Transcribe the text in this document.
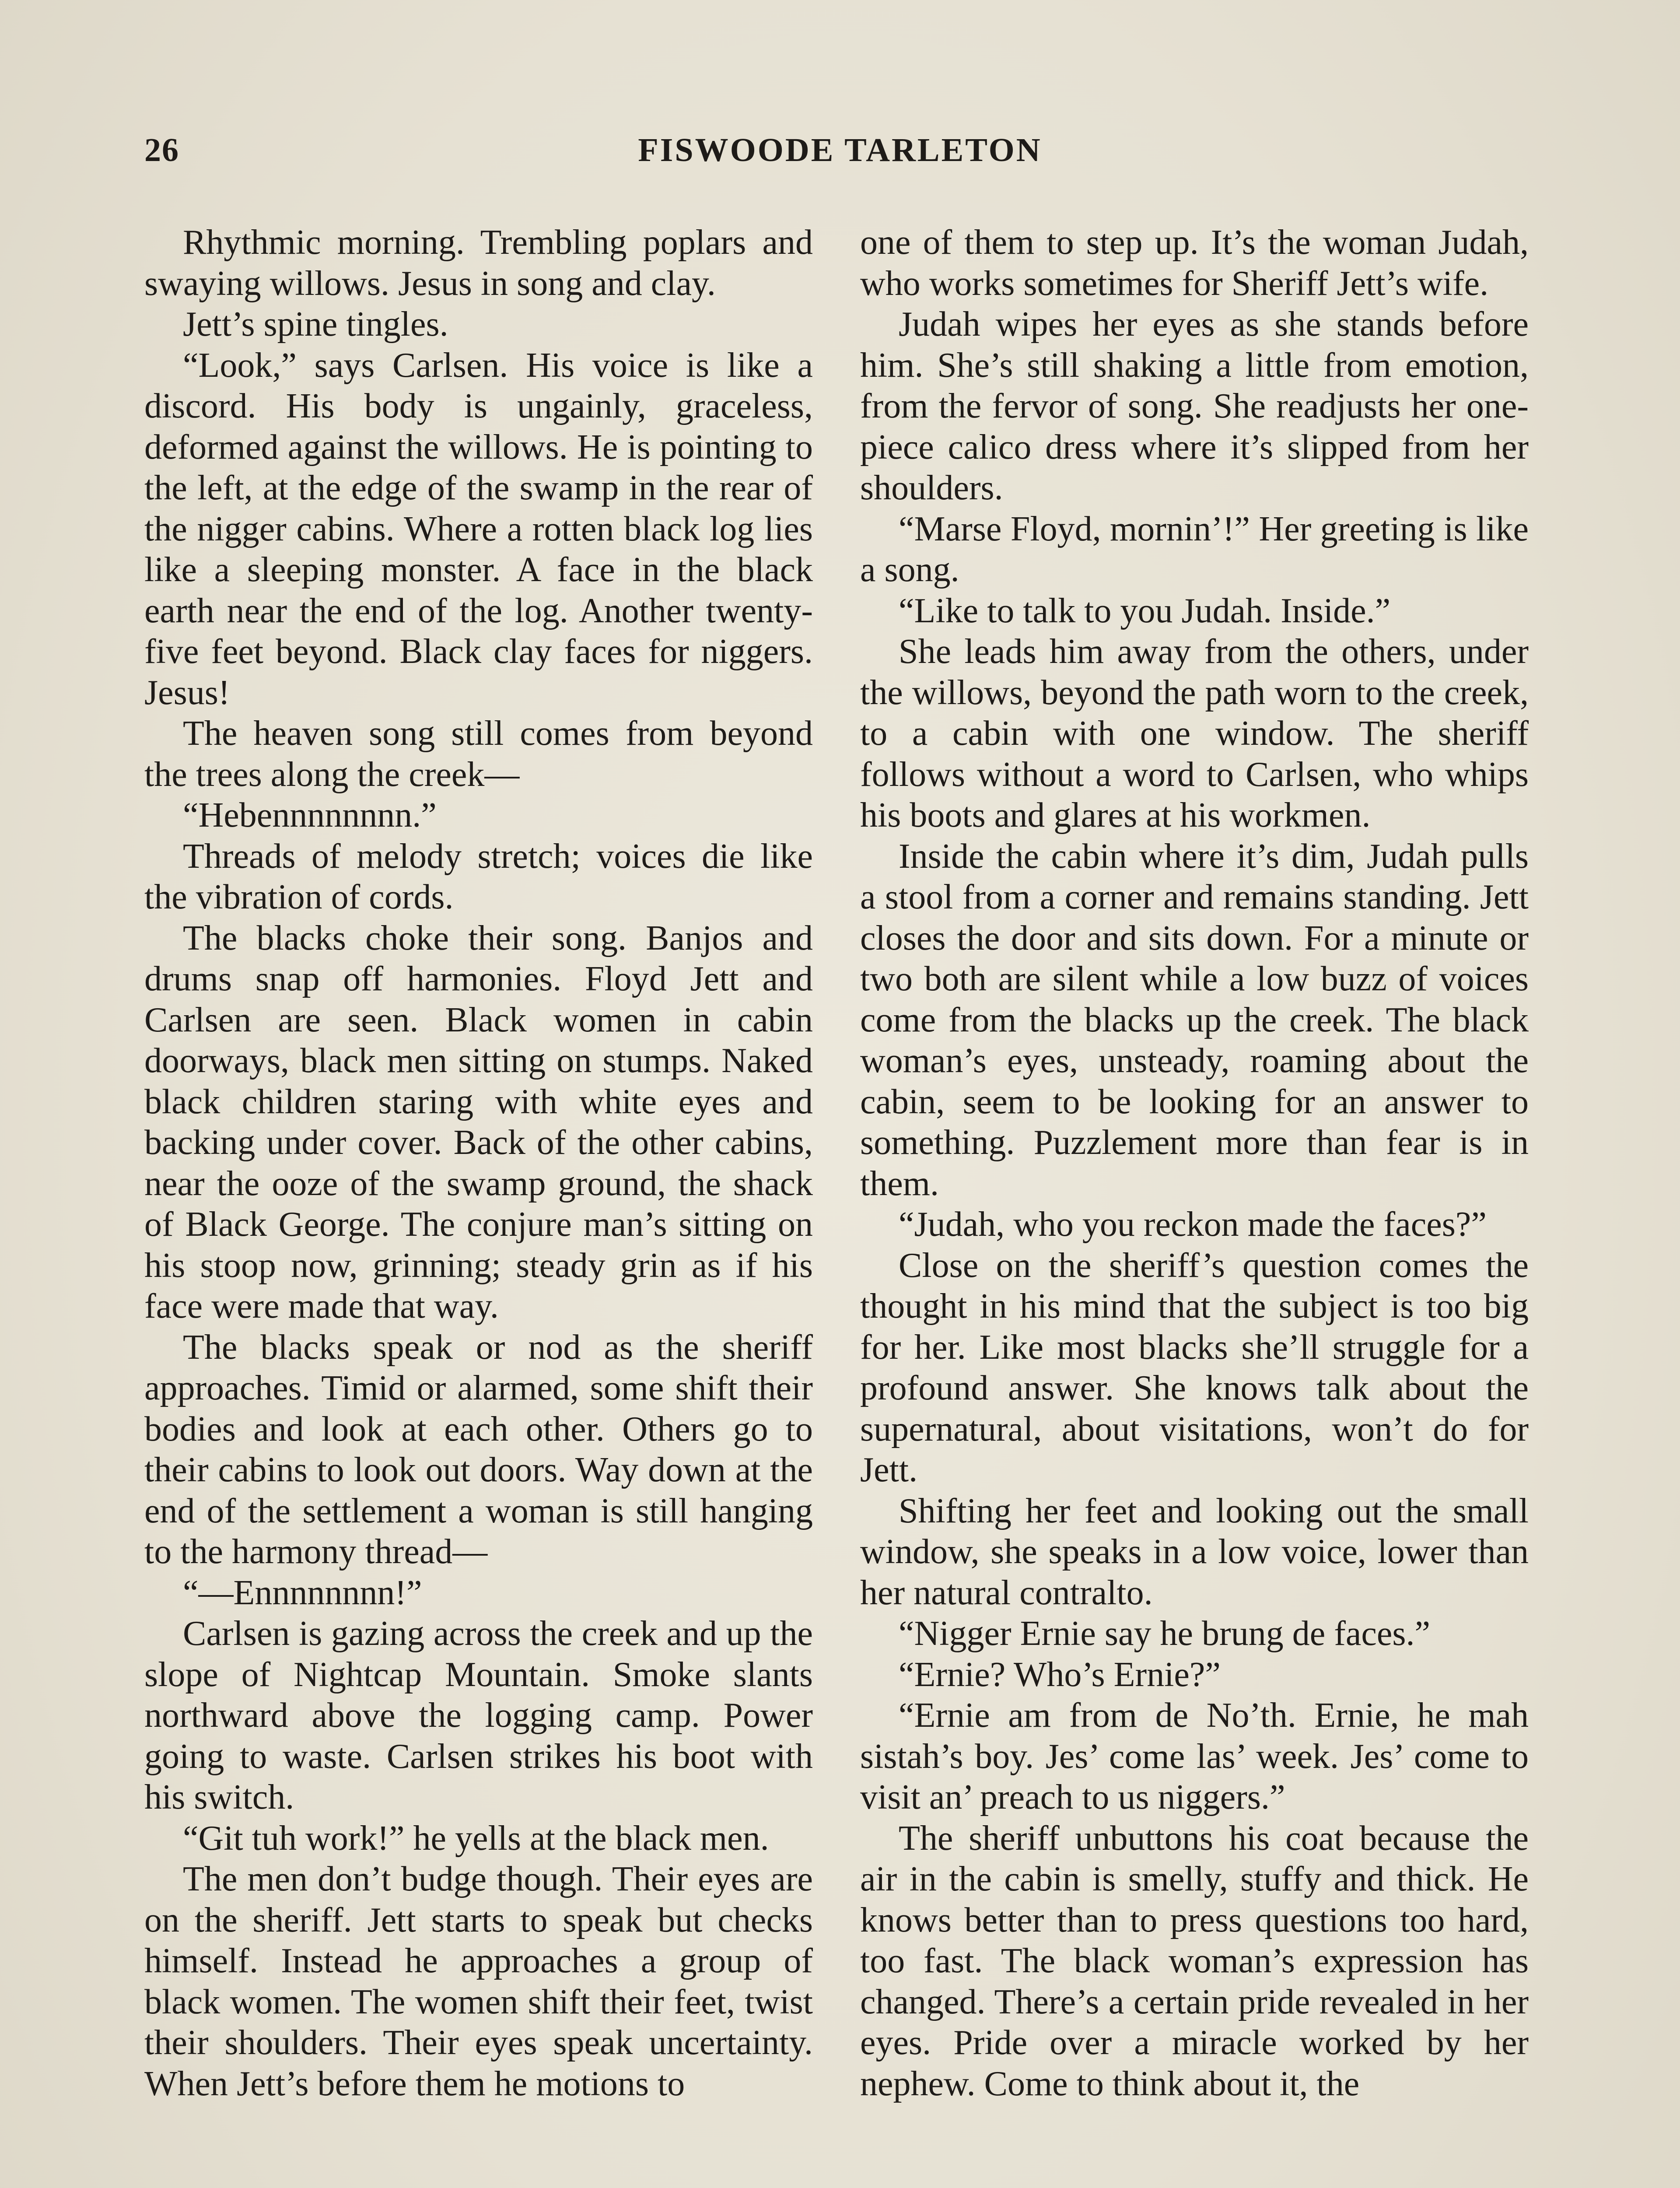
26	FISWOODE TARLETON

Rhythmic morning. Trembling poplars and swaying willows. Jesus in song and clay.

Jett’s spine tingles.

“Look,” says Carlsen. His voice is like a discord. His body is ungainly, graceless, deformed against the willows. He is pointing to the left, at the edge of the swamp in the rear of the nigger cabins. Where a rotten black log lies like a sleeping monster. A face in the black earth near the end of the log. Another twenty-five feet beyond. Black clay faces for niggers. Jesus!

The heaven song still comes from beyond the trees along the creek—

“Hebennnnnnnn.”

Threads of melody stretch; voices die like the vibration of cords.

The blacks choke their song. Banjos and drums snap off harmonies. Floyd Jett and Carlsen are seen. Black women in cabin doorways, black men sitting on stumps. Naked black children staring with white eyes and backing under cover. Back of the other cabins, near the ooze of the swamp ground, the shack of Black George. The conjure man’s sitting on his stoop now, grinning; steady grin as if his face were made that way.

The blacks speak or nod as the sheriff approaches. Timid or alarmed, some shift their bodies and look at each other. Others go to their cabins to look out doors. Way down at the end of the settlement a woman is still hanging to the harmony thread—

“—Ennnnnnnn!”

Carlsen is gazing across the creek and up the slope of Nightcap Mountain. Smoke slants northward above the logging camp. Power going to waste. Carlsen strikes his boot with his switch.

“Git tuh work!” he yells at the black men.

The men don’t budge though. Their eyes are on the sheriff. Jett starts to speak but checks himself. Instead he approaches a group of black women. The women shift their feet, twist their shoulders. Their eyes speak uncertainty. When Jett’s before them he motions to

one of them to step up. It’s the woman Judah, who works sometimes for Sheriff Jett’s wife.

Judah wipes her eyes as she stands before him. She’s still shaking a little from emotion, from the fervor of song. She readjusts her one-piece calico dress where it’s slipped from her shoulders.

“Marse Floyd, mornin’!” Her greeting is like a song.

“Like to talk to you Judah. Inside.”

She leads him away from the others, under the willows, beyond the path worn to the creek, to a cabin with one window. The sheriff follows without a word to Carlsen, who whips his boots and glares at his workmen.

Inside the cabin where it’s dim, Judah pulls a stool from a corner and remains standing. Jett closes the door and sits down. For a minute or two both are silent while a low buzz of voices come from the blacks up the creek. The black woman’s eyes, unsteady, roaming about the cabin, seem to be looking for an answer to something. Puzzlement more than fear is in them.

“Judah, who you reckon made the faces?”

Close on the sheriff’s question comes the thought in his mind that the subject is too big for her. Like most blacks she’ll struggle for a profound answer. She knows talk about the supernatural, about visitations, won’t do for Jett.

Shifting her feet and looking out the small window, she speaks in a low voice, lower than her natural contralto.

“Nigger Ernie say he brung de faces.”

“Ernie? Who’s Ernie?”

“Ernie am from de No’th. Ernie, he mah sistah’s boy. Jes’ come las’ week. Jes’ come to visit an’ preach to us niggers.”

The sheriff unbuttons his coat because the air in the cabin is smelly, stuffy and thick. He knows better than to press questions too hard, too fast. The black woman’s expression has changed. There’s a certain pride revealed in her eyes. Pride over a miracle worked by her nephew. Come to think about it, the
